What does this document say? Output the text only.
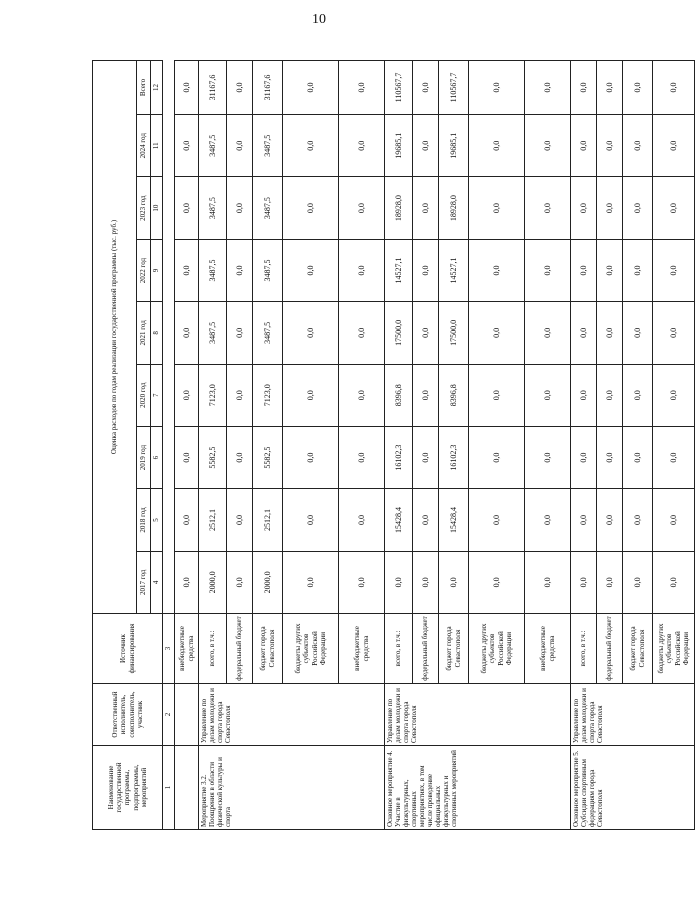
10
Наименование государственной программы, подпрограммы, мероприятий	Ответственный исполнитель, соисполнитель, участник	Источник финансирования	Оценка расходов по годам реализации государственной программы (тыс. руб.)								
			2017 год	2018 год	2019 год	2020 год	2021 год	2022 год	2023 год	2024 год	Всего
			4	5	6	7	8	9	10	11	12
1	2	3									
		внебюджетные средства	0,0	0,0	0,0	0,0	0,0	0,0	0,0	0,0	0,0
Мероприятие 3.2. Поощрения в области физической культуры и спорта	Управление по делам молодежи и спорта города Севастополя	всего, в т.ч.:	2000,0	2512,1	5582,5	7123,0	3487,5	3487,5	3487,5	3487,5	31167,6
		федеральный бюджет	0,0	0,0	0,0	0,0	0,0	0,0	0,0	0,0	0,0
		бюджет города Севастополя	2000,0	2512,1	5582,5	7123,0	3487,5	3487,5	3487,5	3487,5	31167,6
		бюджеты других субъектов Российской Федерации	0,0	0,0	0,0	0,0	0,0	0,0	0,0	0,0	0,0
		внебюджетные средства	0,0	0,0	0,0	0,0	0,0	0,0	0,0	0,0	0,0
Основное мероприятие 4. Участие в физкультурных, спортивных мероприятиях, в том числе проведение официальных физкультурных и спортивных мероприятий	Управление по делам молодежи и спорта города Севастополя	всего, в т.ч.:	0,0	15428,4	16102,3	8396,8	17500,0	14527,1	18928,0	19685,1	110567,7
		федеральный бюджет	0,0	0,0	0,0	0,0	0,0	0,0	0,0	0,0	0,0
		бюджет города Севастополя	0,0	15428,4	16102,3	8396,8	17500,0	14527,1	18928,0	19685,1	110567,7
		бюджеты других субъектов Российской Федерации	0,0	0,0	0,0	0,0	0,0	0,0	0,0	0,0	0,0
		внебюджетные средства	0,0	0,0	0,0	0,0	0,0	0,0	0,0	0,0	0,0
Основное мероприятие 5. Субсидии спортивным федерациям города Севастополя	Управление по делам молодежи и спорта города Севастополя	всего, в т.ч.:	0,0	0,0	0,0	0,0	0,0	0,0	0,0	0,0	0,0
		федеральный бюджет	0,0	0,0	0,0	0,0	0,0	0,0	0,0	0,0	0,0
		бюджет города Севастополя	0,0	0,0	0,0	0,0	0,0	0,0	0,0	0,0	0,0
		бюджеты других субъектов Российской Федерации	0,0	0,0	0,0	0,0	0,0	0,0	0,0	0,0	0,0
